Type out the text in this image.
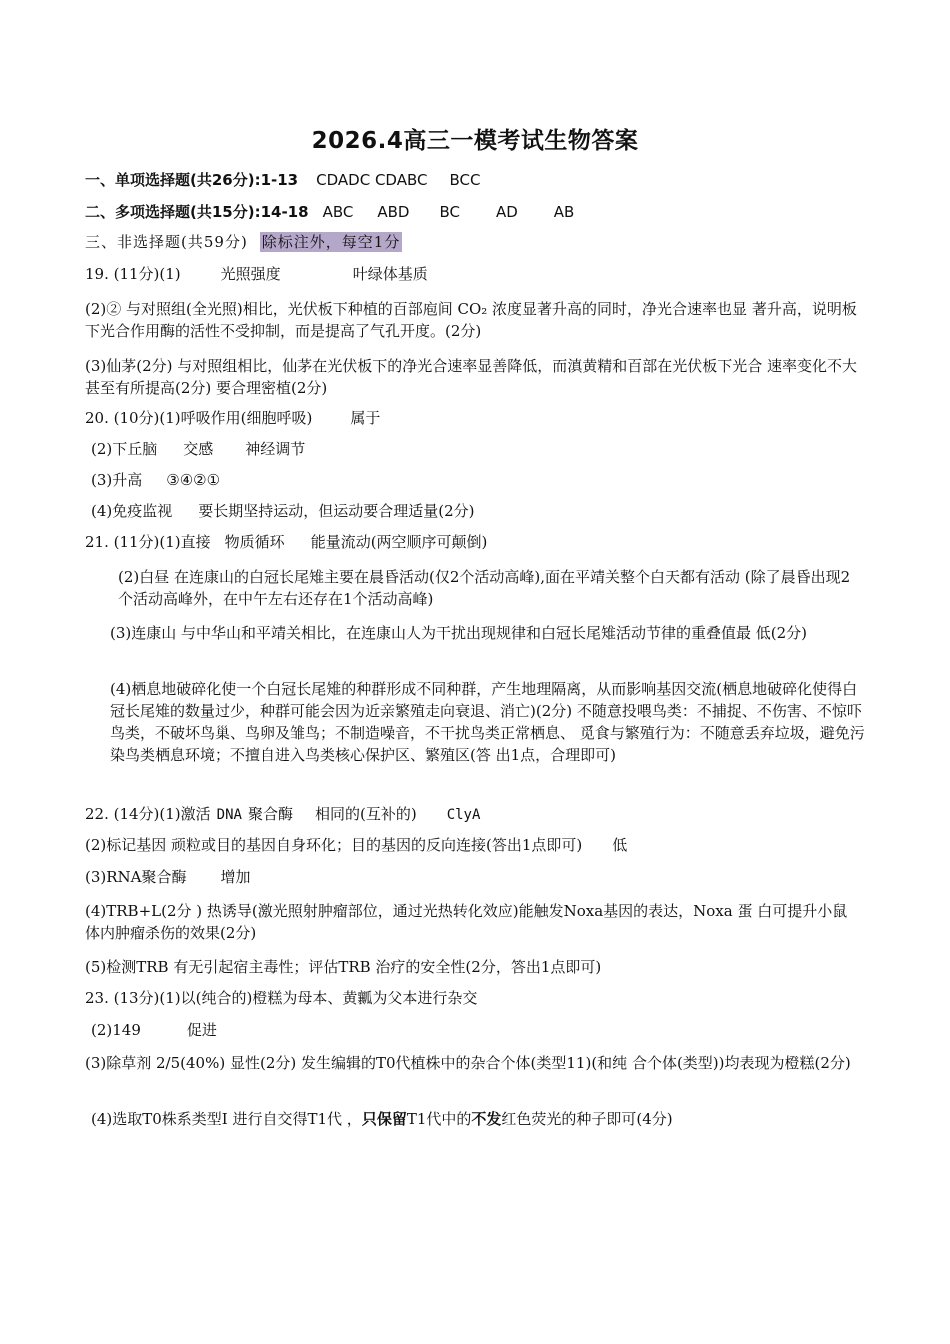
2026.4高三一模考试生物答案
一、单项选择题(共26分):1-13 CDADC CDABC BCC
二、多项选择题(共15分):14-18 ABC ABD BC AD AB
三、非选择题(共59分) 除标注外，每空1分
19. (11分)(1)	光照强度	叶绿体基质
(2)② 与对照组(全光照)相比，光伏板下种植的百部庖间 CO₂ 浓度显著升高的同时，净光合速率也显 著升高，说明板下光合作用酶的活性不受抑制，而是提高了气孔开度。(2分)
(3)仙茅(2分) 与对照组相比，仙茅在光伏板下的净光合速率显善降低，而滇黄精和百部在光伏板下光合 速率变化不大甚至有所提高(2分) 要合理密植(2分)
20. (10分)(1)呼吸作用(细胞呼吸)	属于
(2)下丘脑 交感 神经调节
(3)升高 ③④②①
(4)免疫监视 要长期坚持运动，但运动要合理适量(2分)
21. (11分)(1)直接 物质循环 能量流动(两空顺序可颠倒)
(2)白昼 在连康山的白冠长尾雉主要在晨昏活动(仅2个活动高峰),面在平靖关整个白天都有活动 (除了晨昏出现2个活动高峰外，在中午左右还存在1个活动高峰)
(3)连康山 与中华山和平靖关相比，在连康山人为干扰出现规律和白冠长尾雉活动节律的重叠值最 低(2分)
(4)栖息地破碎化使一个白冠长尾雉的种群形成不同种群，产生地理隔离，从而影响基因交流(栖息地破碎化使得白冠长尾雉的数量过少，种群可能会因为近亲繁殖走向衰退、消亡)(2分) 不随意投喂鸟类：不捕捉、不伤害、不惊吓鸟类，不破坏鸟巢、鸟卵及雏鸟；不制造噪音，不干扰鸟类正常栖息、 觅食与繁殖行为：不随意丢弃垃圾，避免污染鸟类栖息环境；不擅自进入鸟类核心保护区、繁殖区(答 出1点，合理即可)
22. (14分)(1)激活 DNA 聚合酶 相同的(互补的) ClyA
(2)标记基因 顽粒或目的基因自身环化；目的基因的反向连接(答出1点即可) 低
(3)RNA聚合酶 增加
(4)TRB+L(2分 ) 热诱导(激光照射肿瘤部位，通过光热转化效应)能触发Noxa基因的表达，Noxa 蛋 白可提升小鼠体内肿瘤杀伤的效果(2分)
(5)检测TRB 有无引起宿主毒性；评估TRB 治疗的安全性(2分，答出1点即可)
23. (13分)(1)以(纯合的)橙糕为母本、黄瓤为父本进行杂交
(2)149	促进
(3)除草剂 2/5(40%) 显性(2分) 发生编辑的T0代植株中的杂合个体(类型11)(和纯 合个体(类型))均表现为橙糕(2分)
(4)选取T0株系类型I 进行自交得T1代 ，只保留T1代中的不发红色荧光的种子即可(4分)
